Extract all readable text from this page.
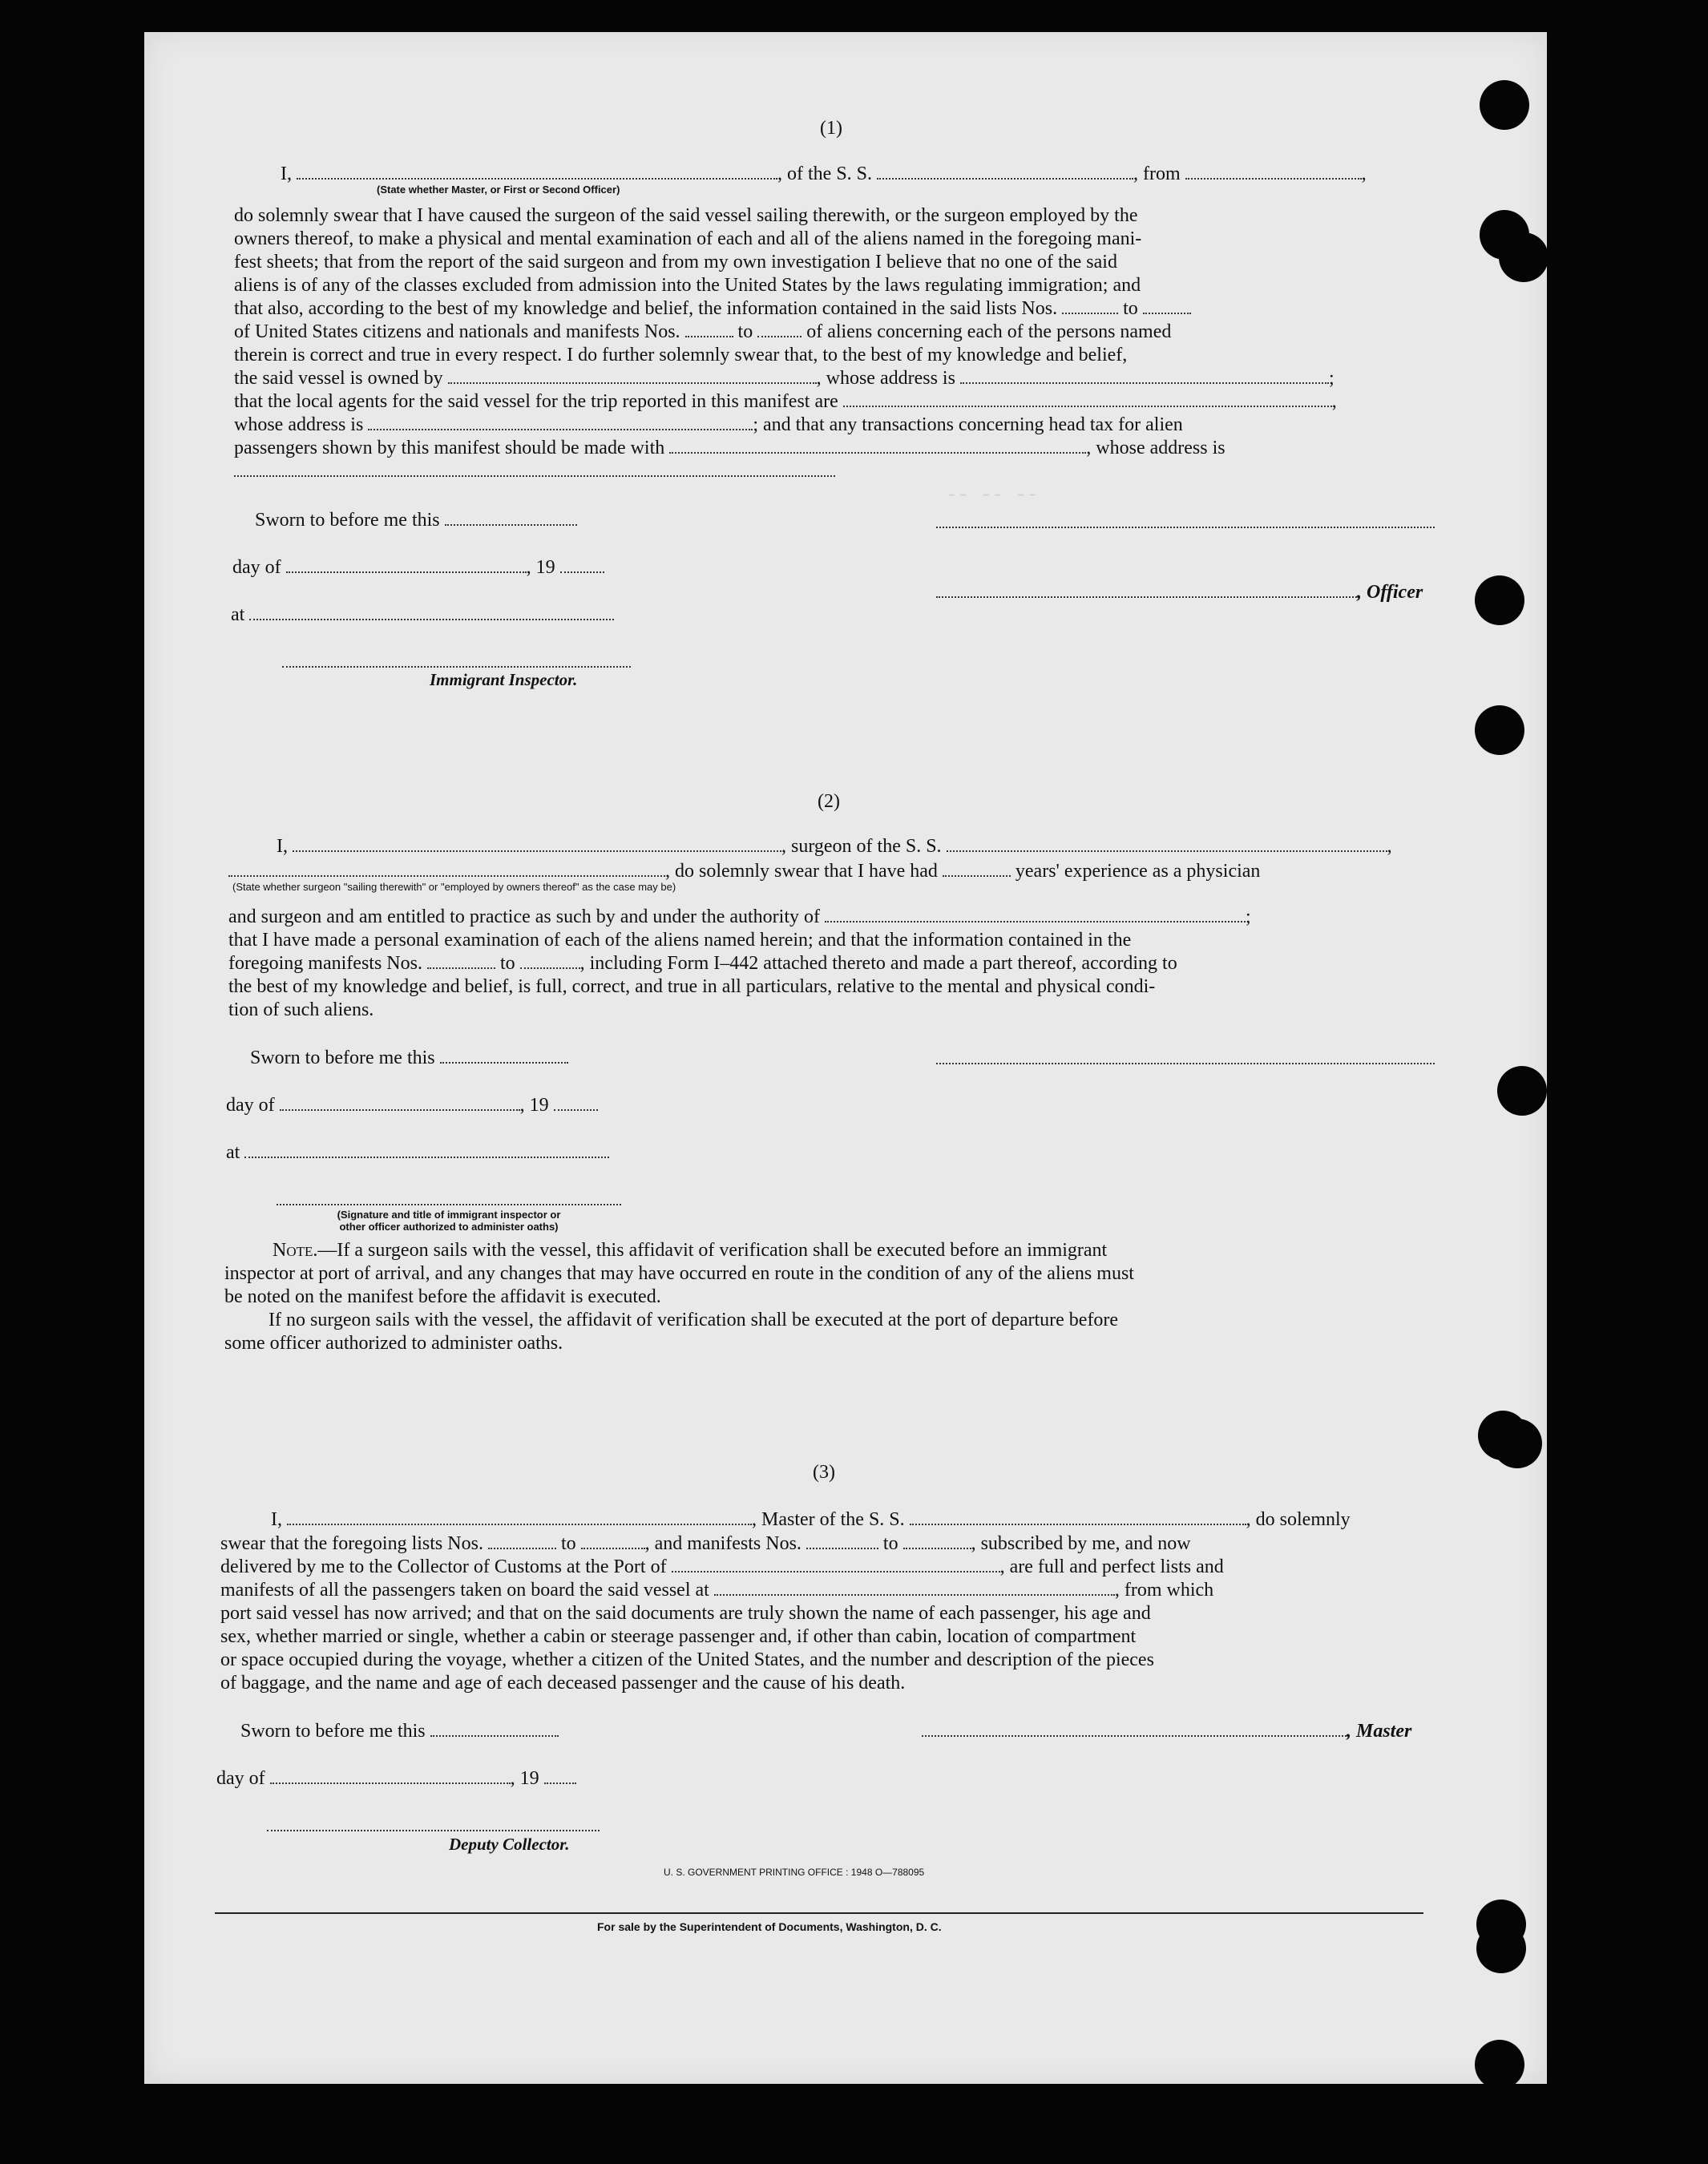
-- -- --
(1)
I,	, of the S. S.	, from	,
(State whether Master, or First or Second Officer)
do solemnly swear that I have caused the surgeon of the said vessel sailing therewith, or the surgeon employed by the
owners thereof, to make a physical and mental examination of each and all of the aliens named in the foregoing mani-
fest sheets; that from the report of the said surgeon and from my own investigation I believe that no one of the said
aliens is of any of the classes excluded from admission into the United States by the laws regulating immigration; and
that also, according to the best of my knowledge and belief, the information contained in the said lists Nos.	to
of United States citizens and nationals and manifests Nos.	to	of aliens concerning each of the persons named
therein is correct and true in every respect. I do further solemnly swear that, to the best of my knowledge and belief,
the said vessel is owned by	, whose address is	;
that the local agents for the said vessel for the trip reported in this manifest are	,
whose address is	; and that any transactions concerning head tax for alien
passengers shown by this manifest should be made with	, whose address is
Sworn to before me this
day of	, 19
, Officer
at
Immigrant Inspector.
(2)
I,	, surgeon of the S. S.	,
, do solemnly swear that I have had	years' experience as a physician
(State whether surgeon "sailing therewith" or "employed by owners thereof" as the case may be)
and surgeon and am entitled to practice as such by and under the authority of	;
that I have made a personal examination of each of the aliens named herein; and that the information contained in the
foregoing manifests Nos.	to	, including Form I–442 attached thereto and made a part thereof, according to
the best of my knowledge and belief, is full, correct, and true in all particulars, relative to the mental and physical condi-
tion of such aliens.
Sworn to before me this
day of	, 19
at
(Signature and title of immigrant inspector or
other officer authorized to administer oaths)
Note.—If a surgeon sails with the vessel, this affidavit of verification shall be executed before an immigrant
inspector at port of arrival, and any changes that may have occurred en route in the condition of any of the aliens must
be noted on the manifest before the affidavit is executed.
If no surgeon sails with the vessel, the affidavit of verification shall be executed at the port of departure before
some officer authorized to administer oaths.
(3)
I,	, Master of the S. S.	, do solemnly
swear that the foregoing lists Nos.	to	, and manifests Nos.	to	, subscribed by me, and now
delivered by me to the Collector of Customs at the Port of	, are full and perfect lists and
manifests of all the passengers taken on board the said vessel at	, from which
port said vessel has now arrived; and that on the said documents are truly shown the name of each passenger, his age and
sex, whether married or single, whether a cabin or steerage passenger and, if other than cabin, location of compartment
or space occupied during the voyage, whether a citizen of the United States, and the number and description of the pieces
of baggage, and the name and age of each deceased passenger and the cause of his death.
Sworn to before me this	, Master
day of	, 19
Deputy Collector.
U. S. GOVERNMENT PRINTING OFFICE : 1948 O—788095
For sale by the Superintendent of Documents, Washington, D. C.
